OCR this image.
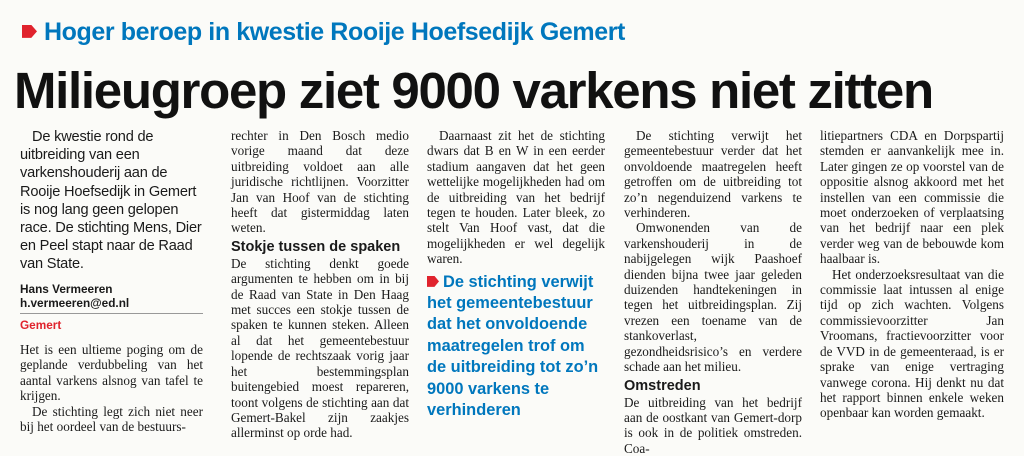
Hoger beroep in kwestie Rooije Hoefsedijk Gemert
Milieugroep ziet 9000 varkens niet zitten

De kwestie rond de uitbreiding van een varkenshouderij aan de Rooije Hoefsedijk in Gemert is nog lang geen gelopen race. De stichting Mens, Dier en Peel stapt naar de Raad van State.

Hans Vermeeren
h.vermeeren@ed.nl
Gemert

Het is een ultieme poging om de geplande verdubbeling van het aantal varkens alsnog van tafel te krijgen.

De stichting legt zich niet neer bij het oordeel van de bestuurs-

rechter in Den Bosch medio vorige maand dat deze uitbreiding voldoet aan alle juridische richtlijnen. Voorzitter Jan van Hoof van de stichting heeft dat gistermiddag laten weten.

Stokje tussen de spaken

De stichting denkt goede argumenten te hebben om in bij de Raad van State in Den Haag met succes een stokje tussen de spaken te kunnen steken. Alleen al dat het gemeentebestuur lopende de rechtszaak vorig jaar het bestemmingsplan buitengebied moest repareren, toont volgens de stichting aan dat Gemert-Bakel zijn zaakjes allerminst op orde had.

Daarnaast zit het de stichting dwars dat B en W in een eerder stadium aangaven dat het geen wettelijke mogelijkheden had om de uitbreiding van het bedrijf tegen te houden. Later bleek, zo stelt Van Hoof vast, dat die mogelijkheden er wel degelijk waren.

De stichting verwijt het gemeentebestuur dat het onvoldoende maatregelen trof om de uitbreiding tot zo’n 9000 varkens te verhinderen

De stichting verwijt het gemeentebestuur verder dat het onvoldoende maatregelen heeft getroffen om de uitbreiding tot zo’n negenduizend varkens te verhinderen.

Omwonenden van de varkenshouderij in de nabijgelegen wijk Paashoef dienden bijna twee jaar geleden duizenden handtekeningen in tegen het uitbreidingsplan. Zij vrezen een toename van de stankoverlast, gezondheidsrisico’s en verdere schade aan het milieu.

Omstreden

De uitbreiding van het bedrijf aan de oostkant van Gemert-dorp is ook in de politiek omstreden. Coa-

litiepartners CDA en Dorpspartij stemden er aanvankelijk mee in. Later gingen ze op voorstel van de oppositie alsnog akkoord met het instellen van een commissie die moet onderzoeken of verplaatsing van het bedrijf naar een plek verder weg van de bebouwde kom haalbaar is.

Het onderzoeksresultaat van die commissie laat intussen al enige tijd op zich wachten. Volgens commissievoorzitter Jan Vroomans, fractievoorzitter voor de VVD in de gemeenteraad, is er sprake van enige vertraging vanwege corona. Hij denkt nu dat het rapport binnen enkele weken openbaar kan worden gemaakt.
